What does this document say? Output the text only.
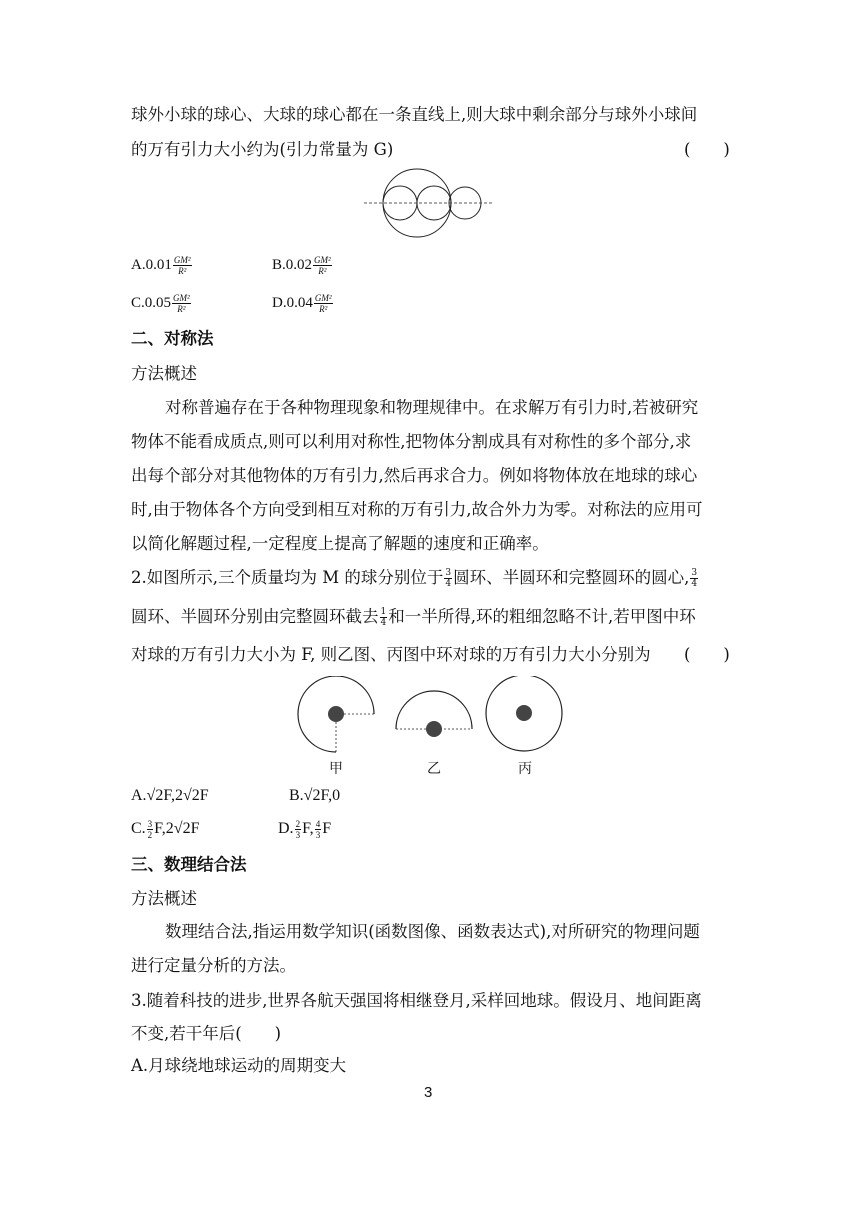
球外小球的球心、大球的球心都在一条直线上,则大球中剩余部分与球外小球间
的万有引力大小约为(引力常量为 G)	(　　)
$A.0.01 \frac{\text{GM²}}{\text{R²}}$	$B.0.02 \frac{\text{GM²}}{\text{R²}}$
$C.0.05 \frac{\text{GM²}}{\text{R²}}$	$D.0.04 \frac{\text{GM²}}{\text{R²}}$
二、对称法
方法概述
对称普遍存在于各种物理现象和物理规律中。在求解万有引力时,若被研究
物体不能看成质点,则可以利用对称性,把物体分割成具有对称性的多个部分,求
出每个部分对其他物体的万有引力,然后再求合力。例如将物体放在地球的球心
时,由于物体各个方向受到相互对称的万有引力,故合外力为零。对称法的应用可
以简化解题过程,一定程度上提高了解题的速度和正确率。
2.如图所示,三个质量均为 M 的球分别位于 $\frac{3}{4}$ 圆环、半圆环和完整圆环的圆心, $\frac{3}{4}$
圆环、半圆环分别由完整圆环截去 $\frac{1}{4}$ 和一半所得,环的粗细忽略不计,若甲图中环
对球的万有引力大小为 F, 则乙图、丙图中环对球的万有引力大小分别为 (　　)
甲	乙	丙
A.√2F,2√2F	B.√2F,0
C. $\frac{3}{2} F,2√2F$	D. $\frac{2}{3} F$, $\frac{4}{3}$ F
三、数理结合法
方法概述
数理结合法,指运用数学知识(函数图像、函数表达式),对所研究的物理问题
进行定量分析的方法。
3.随着科技的进步,世界各航天强国将相继登月,采样回地球。假设月、地间距离
不变,若干年后(　　)
A.月球绕地球运动的周期变大
3
